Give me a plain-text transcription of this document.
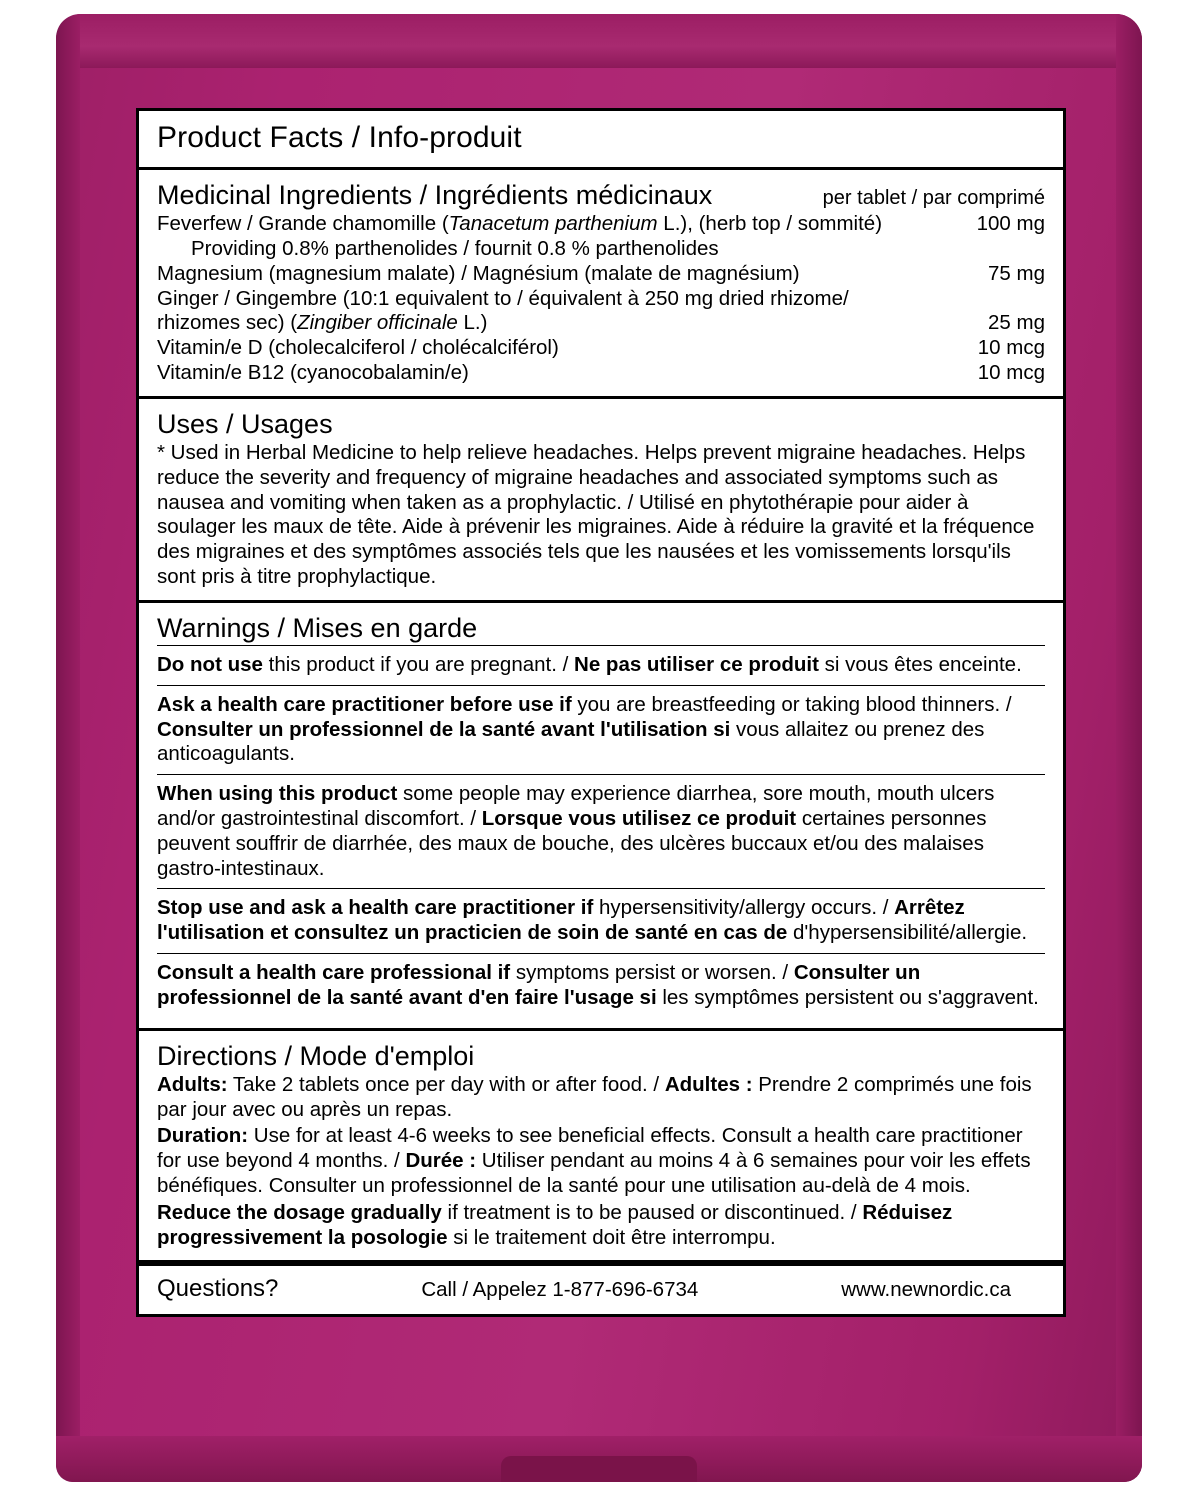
Product Facts / Info-produit
Medicinal Ingredients / Ingrédients médicinaux	per tablet / par comprimé
Feverfew / Grande chamomille (Tanacetum parthenium L.), (herb top / sommité)	100 mg
Providing 0.8% parthenolides / fournit 0.8 % parthenolides
Magnesium (magnesium malate) / Magnésium (malate de magnésium)	75 mg
Ginger / Gingembre (10:1 equivalent to / équivalent à 250 mg dried rhizome/
rhizomes sec) (Zingiber officinale L.)	25 mg
Vitamin/e D (cholecalciferol / cholécalciférol)	10 mcg
Vitamin/e B12 (cyanocobalamin/e)	10 mcg
Uses / Usages
* Used in Herbal Medicine to help relieve headaches. Helps prevent migraine headaches. Helps reduce the severity and frequency of migraine headaches and associated symptoms such as nausea and vomiting when taken as a prophylactic. / Utilisé en phytothérapie pour aider à soulager les maux de tête. Aide à prévenir les migraines. Aide à réduire la gravité et la fréquence des migraines et des symptômes associés tels que les nausées et les vomissements lorsqu'ils sont pris à titre prophylactique.
Warnings / Mises en garde
Do not use this product if you are pregnant. / Ne pas utiliser ce produit si vous êtes enceinte.
Ask a health care practitioner before use if you are breastfeeding or taking blood thinners. / Consulter un professionnel de la santé avant l'utilisation si vous allaitez ou prenez des anticoagulants.
When using this product some people may experience diarrhea, sore mouth, mouth ulcers and/or gastrointestinal discomfort. / Lorsque vous utilisez ce produit certaines personnes peuvent souffrir de diarrhée, des maux de bouche, des ulcères buccaux et/ou des malaises gastro-intestinaux.
Stop use and ask a health care practitioner if hypersensitivity/allergy occurs. / Arrêtez l'utilisation et consultez un practicien de soin de santé en cas de d'hypersensibilité/allergie.
Consult a health care professional if symptoms persist or worsen. / Consulter un professionnel de la santé avant d'en faire l'usage si les symptômes persistent ou s'aggravent.
Directions / Mode d'emploi
Adults: Take 2 tablets once per day with or after food. / Adultes : Prendre 2 comprimés une fois par jour avec ou après un repas.
Duration: Use for at least 4-6 weeks to see beneficial effects. Consult a health care practitioner for use beyond 4 months. / Durée : Utiliser pendant au moins 4 à 6 semaines pour voir les effets bénéfiques. Consulter un professionnel de la santé pour une utilisation au-delà de 4 mois.
Reduce the dosage gradually if treatment is to be paused or discontinued. / Réduisez progressivement la posologie si le traitement doit être interrompu.
Questions?	Call / Appelez 1-877-696-6734	www.newnordic.ca
